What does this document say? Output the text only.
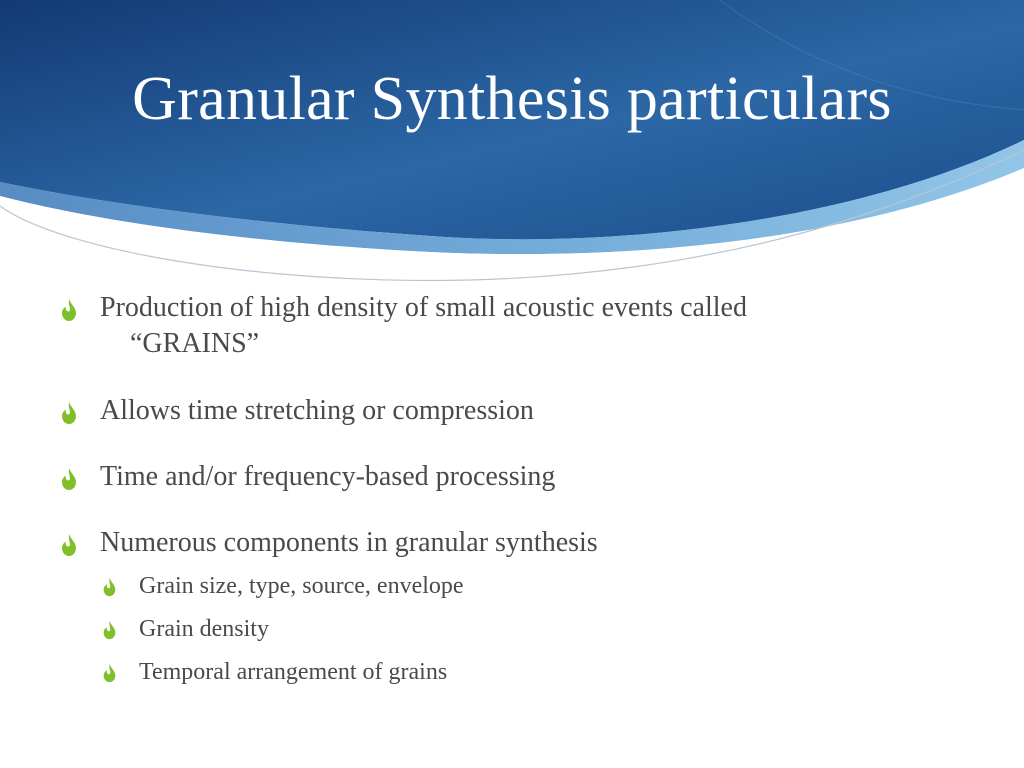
Granular Synthesis particulars
Production of high density of small acoustic events called
“GRAINS”
Allows time stretching or compression
Time and/or frequency-based processing
Numerous components in granular synthesis
Grain size, type, source, envelope
Grain density
Temporal arrangement of grains
